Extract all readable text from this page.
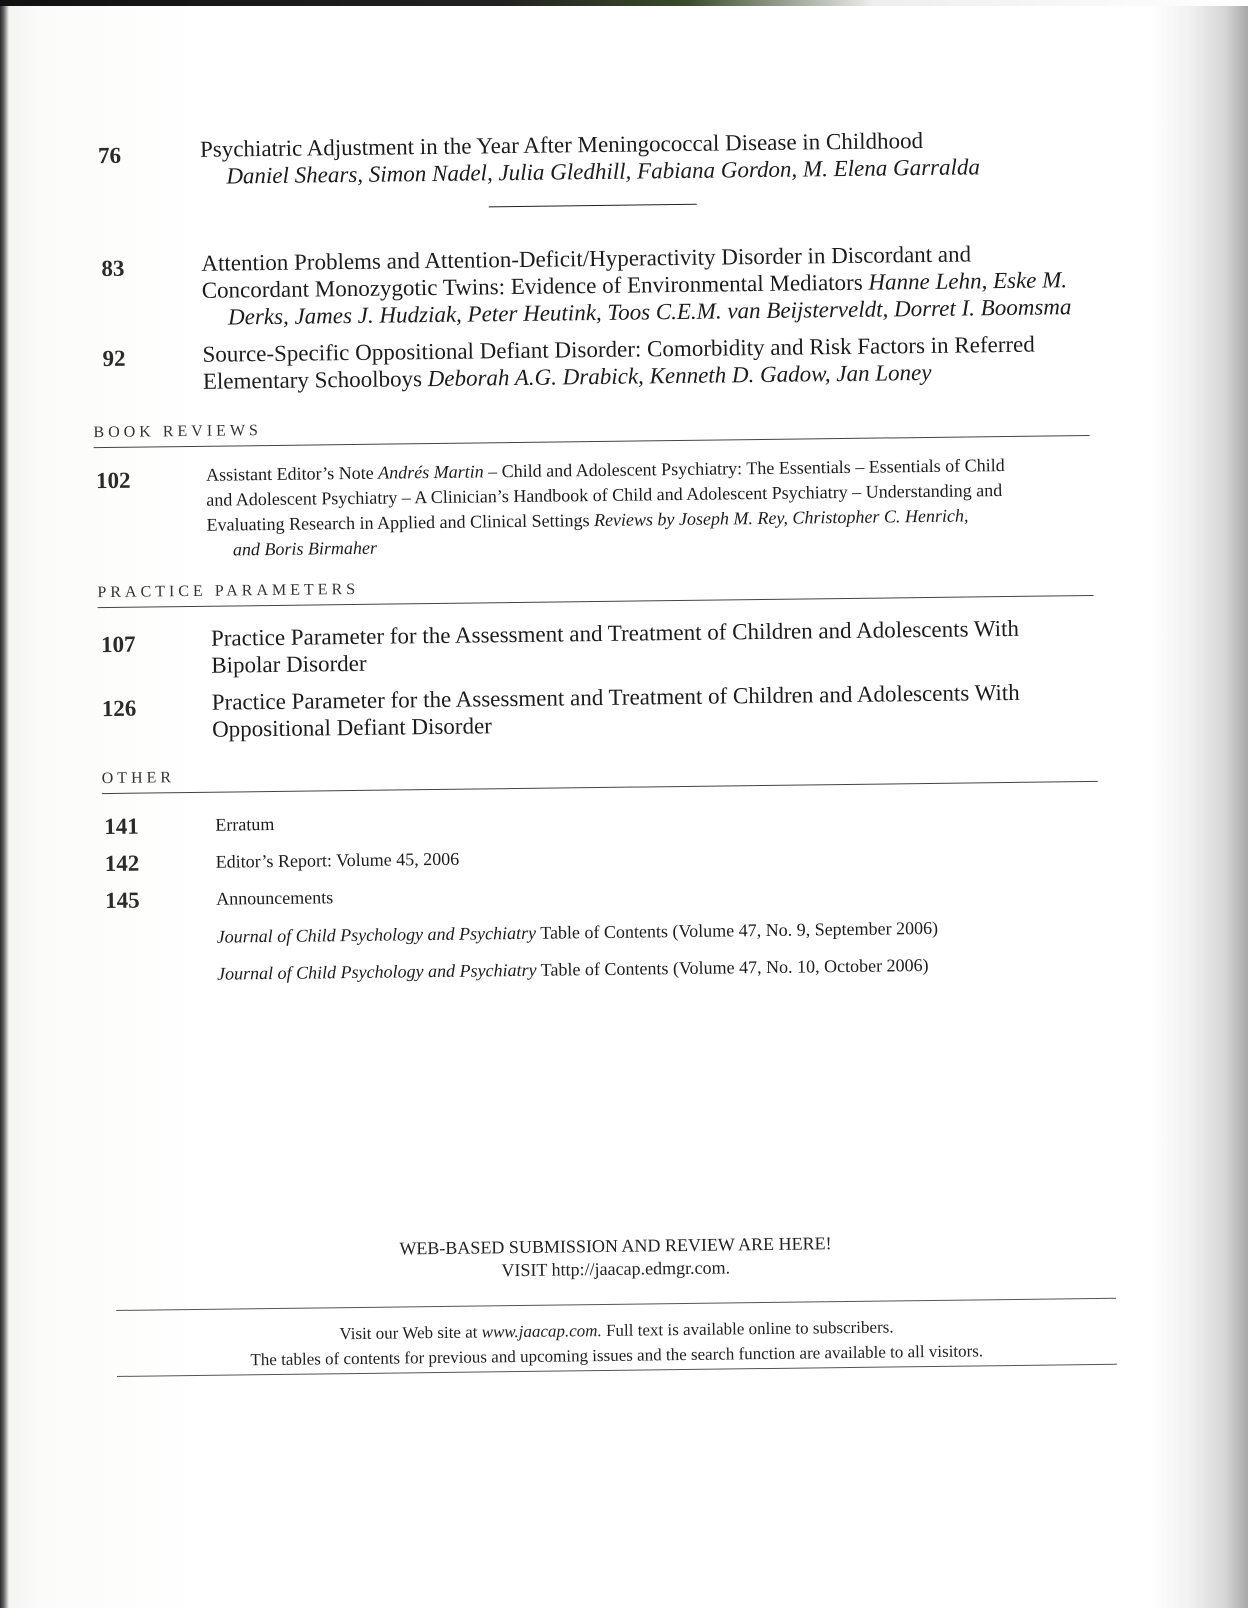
76	Psychiatric Adjustment in the Year After Meningococcal Disease in Childhood
Daniel Shears, Simon Nadel, Julia Gledhill, Fabiana Gordon, M. Elena Garralda
83	Attention Problems and Attention-Deficit/Hyperactivity Disorder in Discordant and
Concordant Monozygotic Twins: Evidence of Environmental Mediators Hanne Lehn, Eske M.
Derks, James J. Hudziak, Peter Heutink, Toos C.E.M. van Beijsterveldt, Dorret I. Boomsma
92	Source-Specific Oppositional Defiant Disorder: Comorbidity and Risk Factors in Referred
Elementary Schoolboys Deborah A.G. Drabick, Kenneth D. Gadow, Jan Loney
BOOK REVIEWS
102	Assistant Editor’s Note Andrés Martin – Child and Adolescent Psychiatry: The Essentials – Essentials of Child
and Adolescent Psychiatry – A Clinician’s Handbook of Child and Adolescent Psychiatry – Understanding and
Evaluating Research in Applied and Clinical Settings Reviews by Joseph M. Rey, Christopher C. Henrich,
and Boris Birmaher
PRACTICE PARAMETERS
107	Practice Parameter for the Assessment and Treatment of Children and Adolescents With
Bipolar Disorder
126	Practice Parameter for the Assessment and Treatment of Children and Adolescents With
Oppositional Defiant Disorder
OTHER
141	Erratum
142	Editor’s Report: Volume 45, 2006
145	Announcements
Journal of Child Psychology and Psychiatry Table of Contents (Volume 47, No. 9, September 2006)
Journal of Child Psychology and Psychiatry Table of Contents (Volume 47, No. 10, October 2006)
WEB-BASED SUBMISSION AND REVIEW ARE HERE!
VISIT http://jaacap.edmgr.com.
Visit our Web site at www.jaacap.com. Full text is available online to subscribers.
The tables of contents for previous and upcoming issues and the search function are available to all visitors.
